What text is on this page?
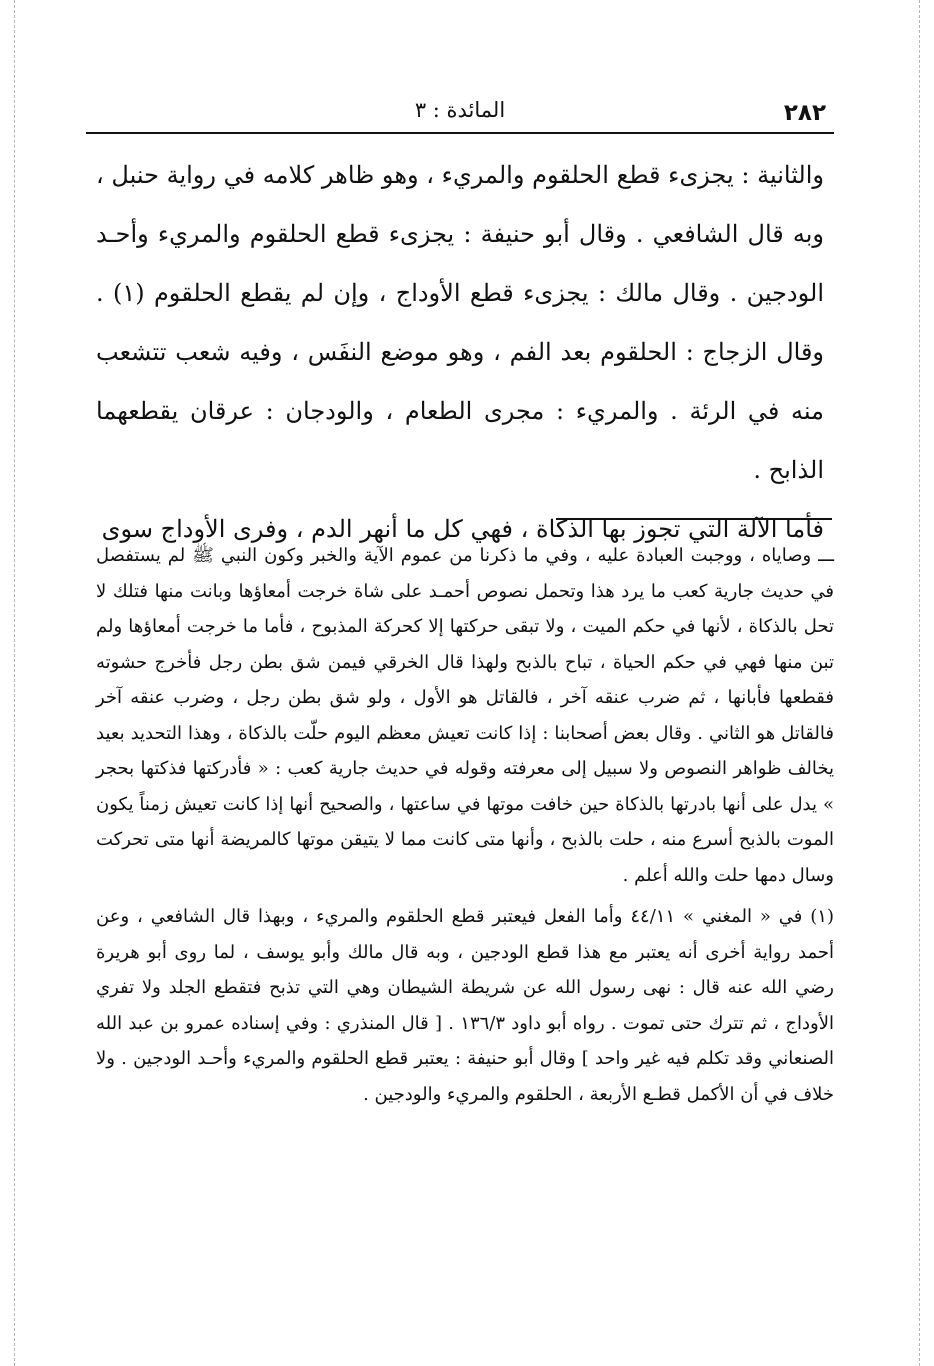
٢٨٢
المائدة : ٣

والثانية : يجزىء قطع الحلقوم والمريء ، وهو ظاهر كلامه في رواية حنبل ، وبه قال الشافعي . وقال أبو حنيفة : يجزىء قطع الحلقوم والمريء وأحـد الودجين . وقال مالك : يجزىء قطع الأوداج ، وإن لم يقطع الحلقوم (١) . وقال الزجاج : الحلقوم بعد الفم ، وهو موضع النفَس ، وفيه شعب تتشعب منه في الرئة . والمريء : مجرى الطعام ، والودجان : عرقان يقطعهما الذابح .

فأما الآلة التي تجوز بها الذكاة ، فهي كل ما أنهر الدم ، وفرى الأوداج سوى

ـــ وصاياه ، ووجبت العبادة عليه ، وفي ما ذكرنا من عموم الآية والخبر وكون النبي ﷺ لم يستفصل في حديث جارية كعب ما يرد هذا وتحمل نصوص أحمـد على شاة خرجت أمعاؤها وبانت منها فتلك لا تحل بالذكاة ، لأنها في حكم الميت ، ولا تبقى حركتها إلا كحركة المذبوح ، فأما ما خرجت أمعاؤها ولم تبن منها فهي في حكم الحياة ، تباح بالذبح ولهذا قال الخرقي فيمن شق بطن رجل فأخرج حشوته فقطعها فأبانها ، ثم ضرب عنقه آخر ، فالقاتل هو الأول ، ولو شق بطن رجل ، وضرب عنقه آخر فالقاتل هو الثاني . وقال بعض أصحابنا : إذا كانت تعيش معظم اليوم حلّت بالذكاة ، وهذا التحديد بعيد يخالف ظواهر النصوص ولا سبيل إلى معرفته وقوله في حديث جارية كعب : « فأدركتها فذكتها بحجر » يدل على أنها بادرتها بالذكاة حين خافت موتها في ساعتها ، والصحيح أنها إذا كانت تعيش زمناً يكون الموت بالذبح أسرع منه ، حلت بالذبح ، وأنها متى كانت مما لا يتيقن موتها كالمريضة أنها متى تحركت وسال دمها حلت والله أعلم .

(١) في « المغني » ٤٤/١١ وأما الفعل فيعتبر قطع الحلقوم والمريء ، وبهذا قال الشافعي ، وعن أحمد رواية أخرى أنه يعتبر مع هذا قطع الودجين ، وبه قال مالك وأبو يوسف ، لما روى أبو هريرة رضي الله عنه قال : نهى رسول الله عن شريطة الشيطان وهي التي تذبح فتقطع الجلد ولا تفري الأوداج ، ثم تترك حتى تموت . رواه أبو داود ١٣٦/٣ . [ قال المنذري : وفي إسناده عمرو بن عبد الله الصنعاني وقد تكلم فيه غير واحد ] وقال أبو حنيفة : يعتبر قطع الحلقوم والمريء وأحـد الودجين . ولا خلاف في أن الأكمل قطـع الأربعة ، الحلقوم والمريء والودجين .
